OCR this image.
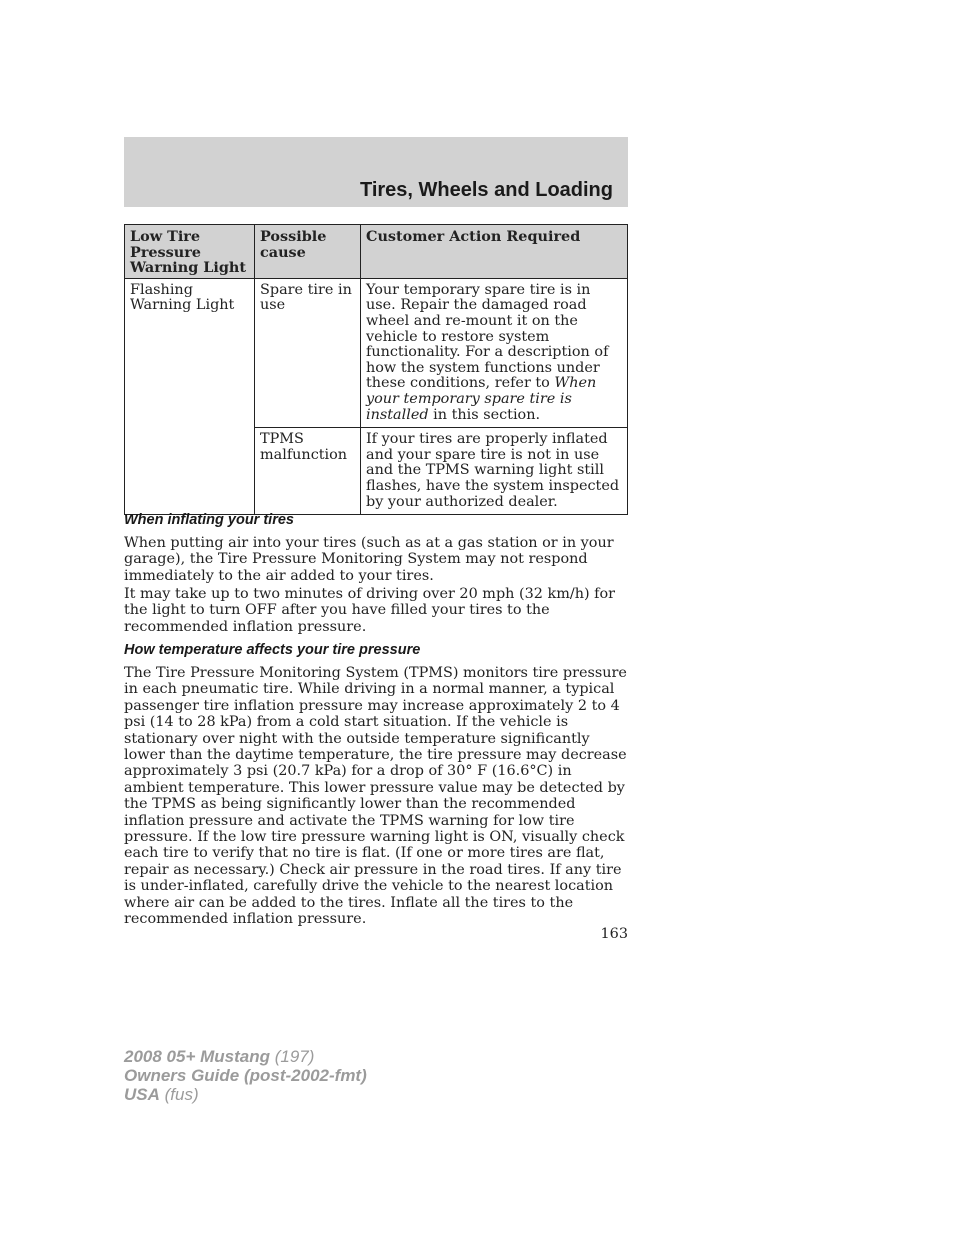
Tires, Wheels and Loading
Low Tire Pressure Warning Light	Possible cause	Customer Action Required
Flashing Warning Light	Spare tire in use	Your temporary spare tire is in use. Repair the damaged road wheel and re-mount it on the vehicle to restore system functionality. For a description of how the system functions under these conditions, refer to When your temporary spare tire is installed in this section.
	TPMS malfunction	If your tires are properly inflated and your spare tire is not in use and the TPMS warning light still flashes, have the system inspected by your authorized dealer.
When inflating your tires

When putting air into your tires (such as at a gas station or in your garage), the Tire Pressure Monitoring System may not respond immediately to the air added to your tires.

It may take up to two minutes of driving over 20 mph (32 km/h) for the light to turn OFF after you have filled your tires to the recommended inflation pressure.

How temperature affects your tire pressure

The Tire Pressure Monitoring System (TPMS) monitors tire pressure in each pneumatic tire. While driving in a normal manner, a typical passenger tire inflation pressure may increase approximately 2 to 4 psi (14 to 28 kPa) from a cold start situation. If the vehicle is stationary over night with the outside temperature significantly lower than the daytime temperature, the tire pressure may decrease approximately 3 psi (20.7 kPa) for a drop of 30° F (16.6°C) in ambient temperature. This lower pressure value may be detected by the TPMS as being significantly lower than the recommended inflation pressure and activate the TPMS warning for low tire pressure. If the low tire pressure warning light is ON, visually check each tire to verify that no tire is flat. (If one or more tires are flat, repair as necessary.) Check air pressure in the road tires. If any tire is under-inflated, carefully drive the vehicle to the nearest location where air can be added to the tires. Inflate all the tires to the recommended inflation pressure.

163
2008 05+ Mustang (197)
Owners Guide (post-2002-fmt)
USA (fus)
